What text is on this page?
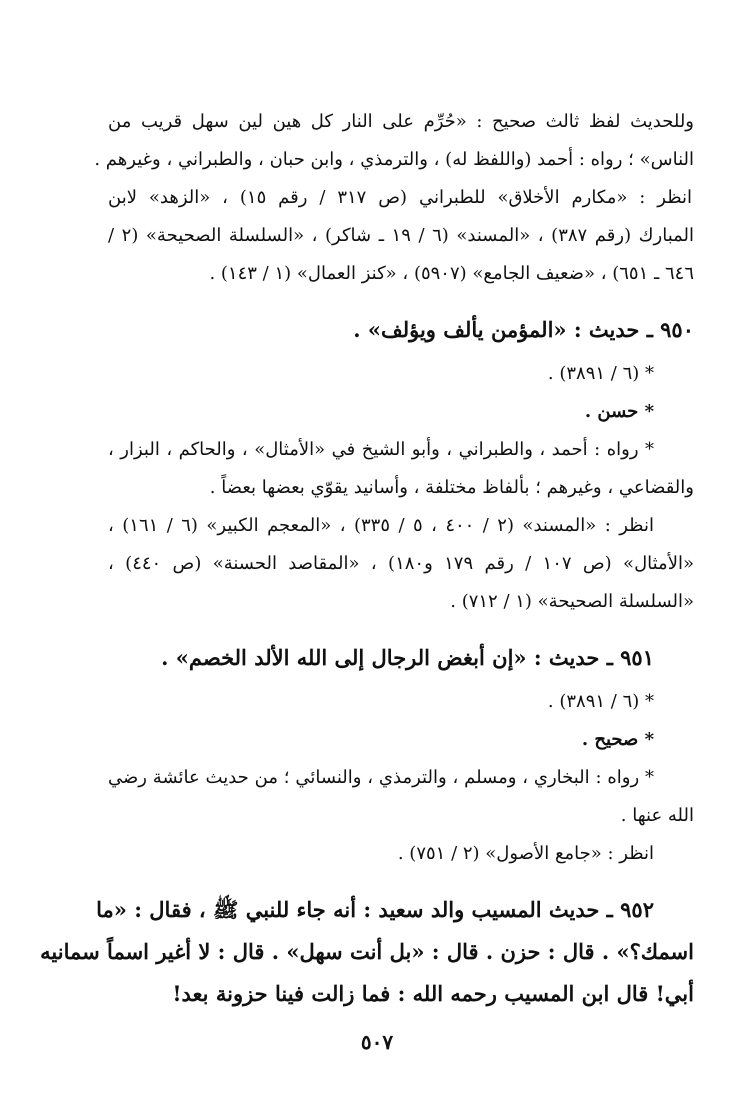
وللحديث لفظ ثالث صحيح : «حُرِّم على النار كل هين لين سهل قريب من
الناس» ؛ رواه : أحمد (واللفظ له) ، والترمذي ، وابن حبان ، والطبراني ، وغيرهم .
انظر : «مكارم الأخلاق» للطبراني (ص ٣١٧ / رقم ١٥) ، «الزهد» لابن
المبارك (رقم ٣٨٧) ، «المسند» (٦ / ١٩ ـ شاكر) ، «السلسلة الصحيحة» (٢ /
٦٤٦ ـ ٦٥١) ، «ضعيف الجامع» (٥٩٠٧) ، «كنز العمال» (١ / ١٤٣) .
٩٥٠ ـ حديث : «المؤمن يألف ويؤلف» .
* (٦ / ٣٨٩١) .
* حسن .
* رواه : أحمد ، والطبراني ، وأبو الشيخ في «الأمثال» ، والحاكم ، البزار ،
والقضاعي ، وغيرهم ؛ بألفاظ مختلفة ، وأسانيد يقوّي بعضها بعضاً .
انظر : «المسند» (٢ / ٤٠٠ ، ٥ / ٣٣٥) ، «المعجم الكبير» (٦ / ١٦١) ،
«الأمثال» (ص ١٠٧ / رقم ١٧٩ و١٨٠) ، «المقاصد الحسنة» (ص ٤٤٠) ،
«السلسلة الصحيحة» (١ / ٧١٢) .
٩٥١ ـ حديث : «إن أبغض الرجال إلى الله الألد الخصم» .
* (٦ / ٣٨٩١) .
* صحيح .
* رواه : البخاري ، ومسلم ، والترمذي ، والنسائي ؛ من حديث عائشة رضي
الله عنها .
انظر : «جامع الأصول» (٢ / ٧٥١) .
٩٥٢ ـ حديث المسيب والد سعيد : أنه جاء للنبي ﷺ ، فقال : «ما
اسمك؟» . قال : حزن . قال : «بل أنت سهل» . قال : لا أغير اسماً سمانيه
أبي! قال ابن المسيب رحمه الله : فما زالت فينا حزونة بعد!
٥٠٧
